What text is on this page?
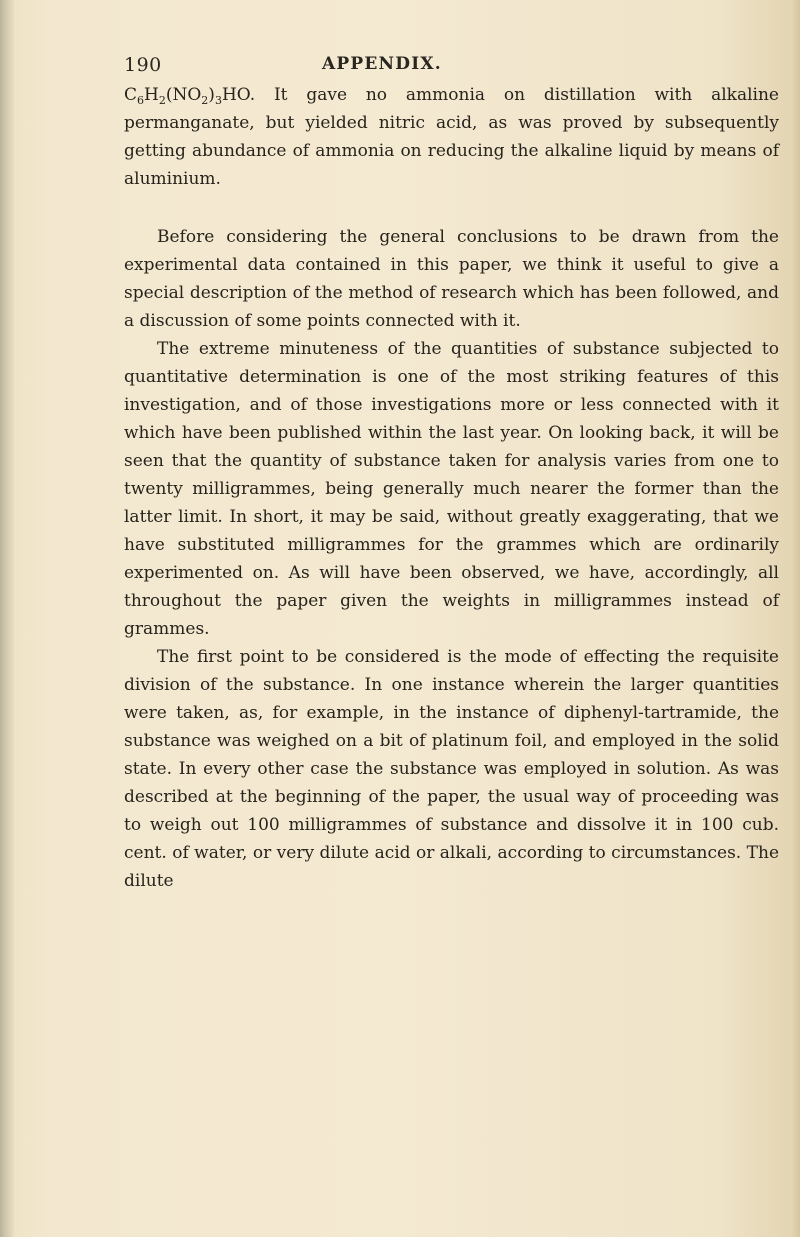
190	APPENDIX.

$C_6H_2(NO_2)_3HO$. It gave no ammonia on distillation with alkaline permanganate, but yielded nitric acid, as was proved by subsequently getting abundance of ammonia on reducing the alkaline liquid by means of aluminium.

Before considering the general conclusions to be drawn from the experimental data contained in this paper, we think it useful to give a special description of the method of research which has been followed, and a discussion of some points connected with it.

The extreme minuteness of the quantities of substance subjected to quantitative determination is one of the most striking features of this investigation, and of those investigations more or less connected with it which have been published within the last year. On looking back, it will be seen that the quantity of substance taken for analysis varies from one to twenty milligrammes, being generally much nearer the former than the latter limit. In short, it may be said, without greatly exaggerating, that we have substituted milligrammes for the grammes which are ordinarily experimented on. As will have been observed, we have, accordingly, all throughout the paper given the weights in milligrammes instead of grammes.

The first point to be considered is the mode of effecting the requisite division of the substance. In one instance wherein the larger quantities were taken, as, for example, in the instance of diphenyl-tartramide, the substance was weighed on a bit of platinum foil, and employed in the solid state. In every other case the substance was employed in solution. As was described at the beginning of the paper, the usual way of proceeding was to weigh out 100 milligrammes of substance and dissolve it in 100 cub. cent. of water, or very dilute acid or alkali, according to circumstances. The dilute
